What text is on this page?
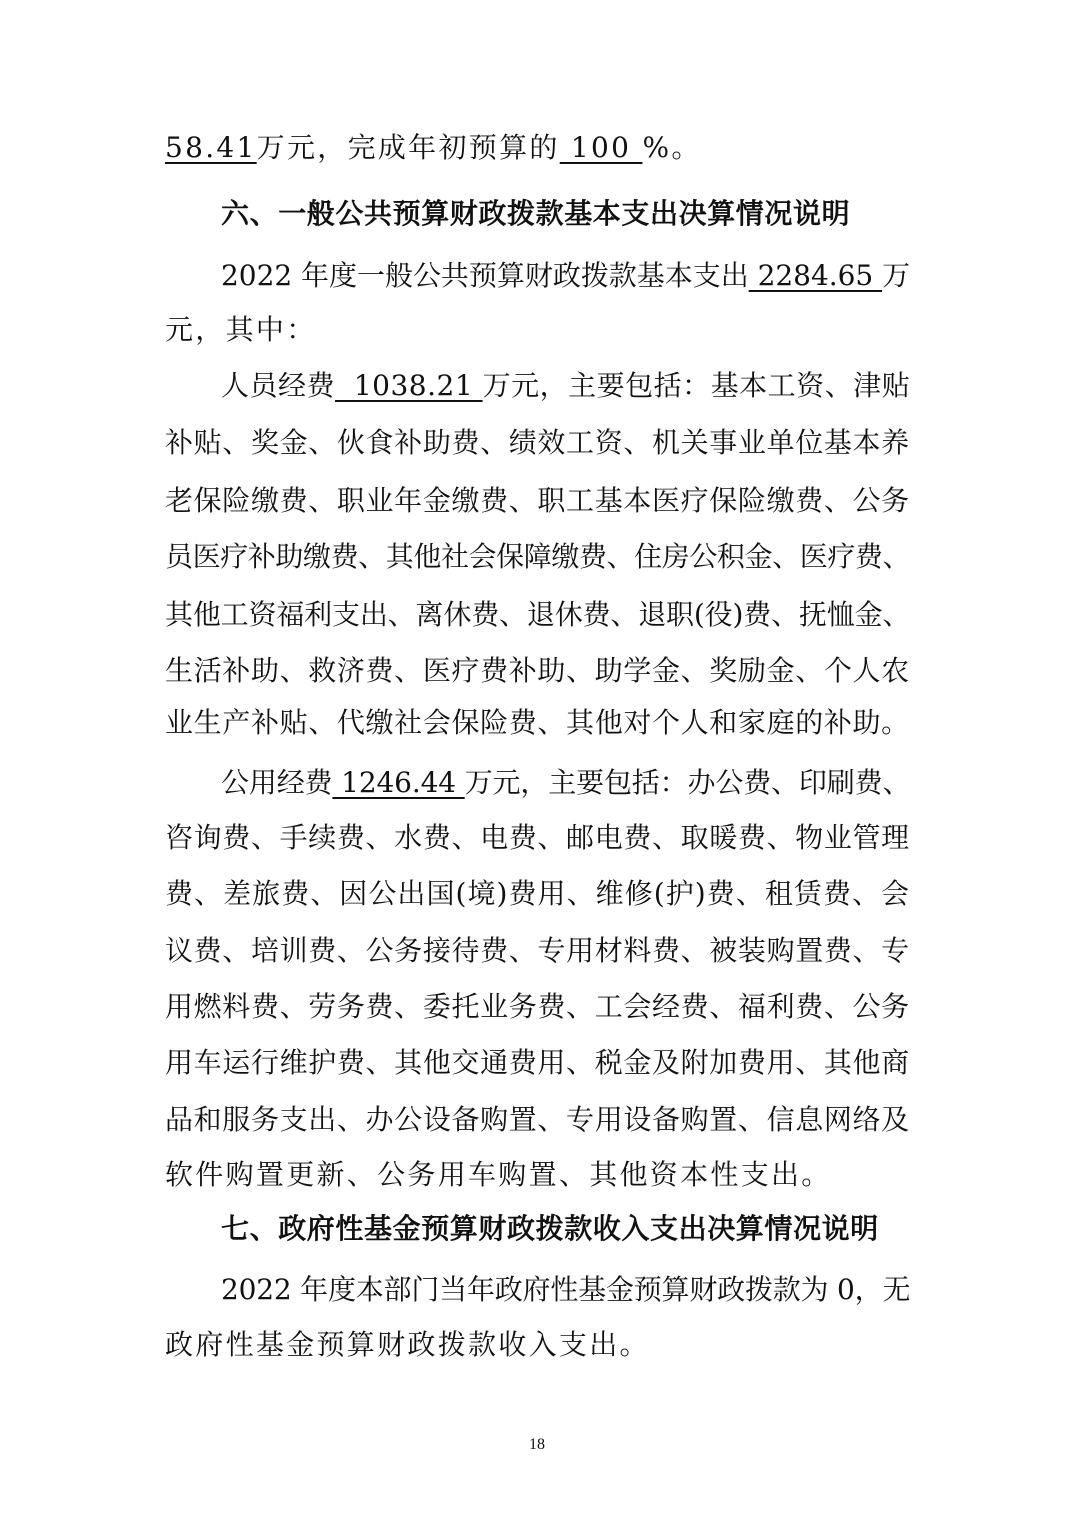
58.41万元，完成年初预算的 100 %。
六、一般公共预算财政拨款基本支出决算情况说明
2022 年度一般公共预算财政拨款基本支出 2284.65 万
元，其中：
人员经费  1038.21 万元，主要包括：基本工资、津贴
补贴、奖金、伙食补助费、绩效工资、机关事业单位基本养
老保险缴费、职业年金缴费、职工基本医疗保险缴费、公务
员医疗补助缴费、其他社会保障缴费、住房公积金、医疗费、
其他工资福利支出、离休费、退休费、退职(役)费、抚恤金、
生活补助、救济费、医疗费补助、助学金、奖励金、个人农
业生产补贴、代缴社会保险费、其他对个人和家庭的补助。
公用经费 1246.44 万元，主要包括：办公费、印刷费、
咨询费、手续费、水费、电费、邮电费、取暖费、物业管理
费、差旅费、因公出国(境)费用、维修(护)费、租赁费、会
议费、培训费、公务接待费、专用材料费、被装购置费、专
用燃料费、劳务费、委托业务费、工会经费、福利费、公务
用车运行维护费、其他交通费用、税金及附加费用、其他商
品和服务支出、办公设备购置、专用设备购置、信息网络及
软件购置更新、公务用车购置、其他资本性支出。
七、政府性基金预算财政拨款收入支出决算情况说明
2022 年度本部门当年政府性基金预算财政拨款为 0，无
政府性基金预算财政拨款收入支出。
18
